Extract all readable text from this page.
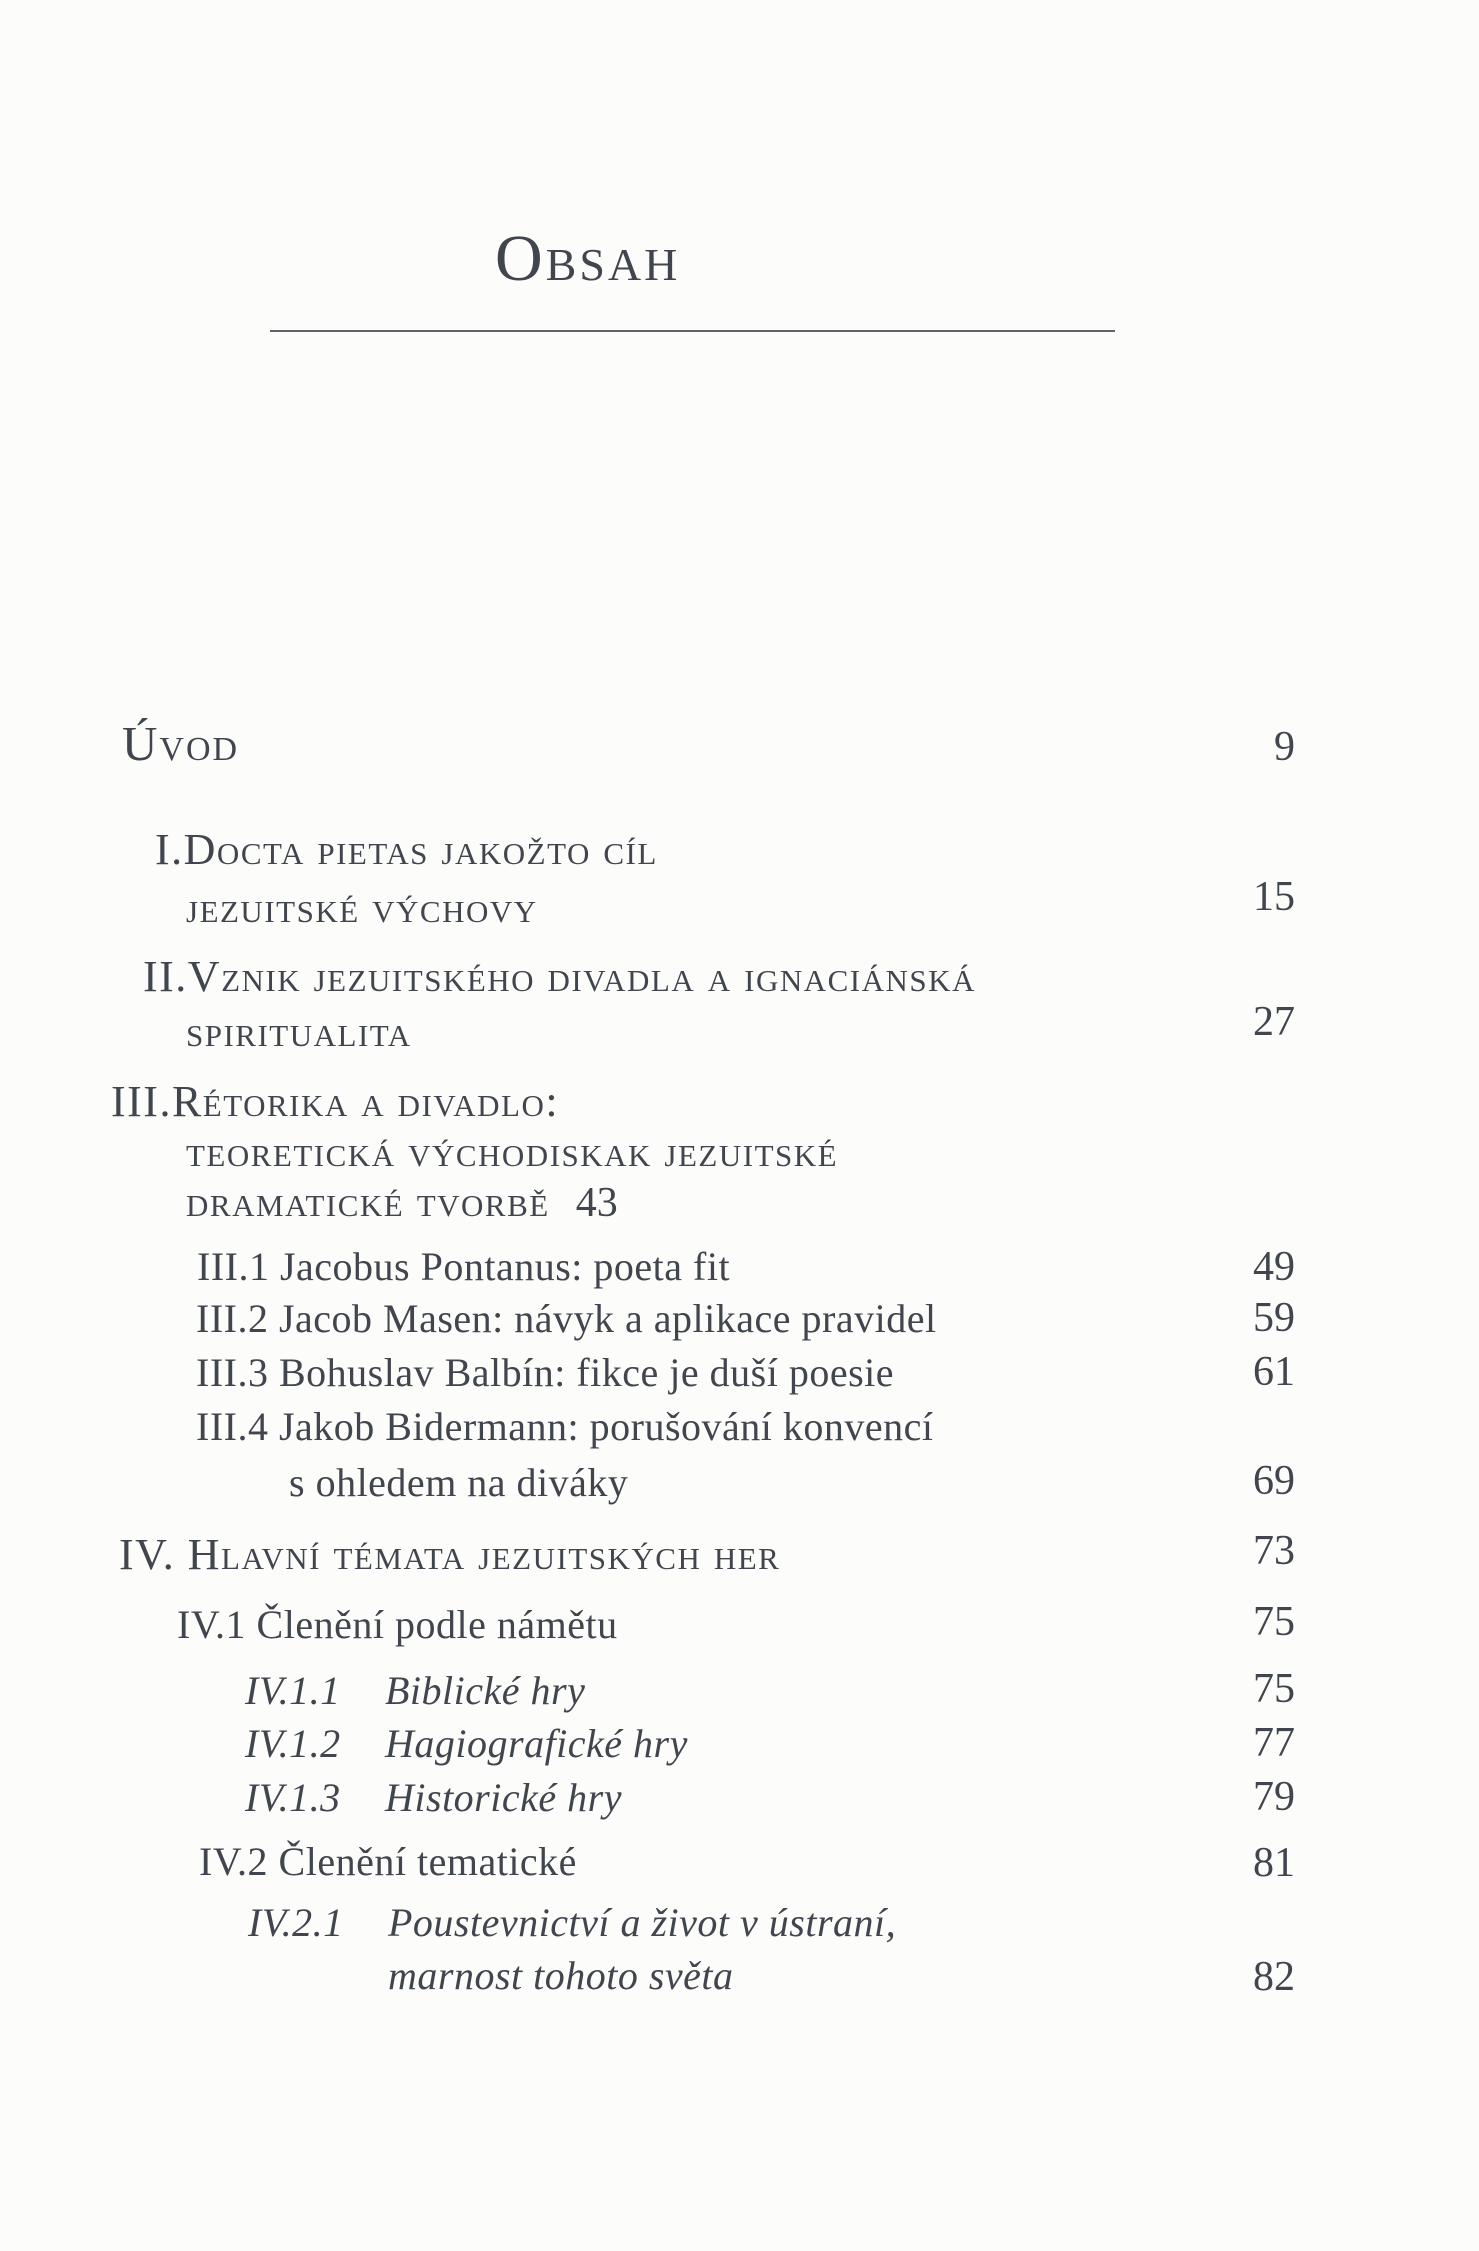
Obsah
Úvod
I.Docta pietas jakožto cíl
jezuitské výchovy
II.Vznik jezuitského divadla a ignaciánská
spiritualita
III.Rétorika a divadlo:
teoretická východiskak jezuitské
dramatické tvorbě 43
III.1 Jacobus Pontanus: poeta fit
III.2 Jacob Masen: návyk a aplikace pravidel
III.3 Bohuslav Balbín: fikce je duší poesie
III.4 Jakob Bidermann: porušování konvencí
s ohledem na diváky
IV. Hlavní témata jezuitských her
IV.1 Členění podle námětu
IV.1.1 Biblické hry
IV.1.2 Hagiografické hry
IV.1.3 Historické hry
IV.2 Členění tematické
IV.2.1 Poustevnictví a život v ústraní,
marnost tohoto světa
9
15
27
49
59
61
69
73
75
75
77
79
81
82
